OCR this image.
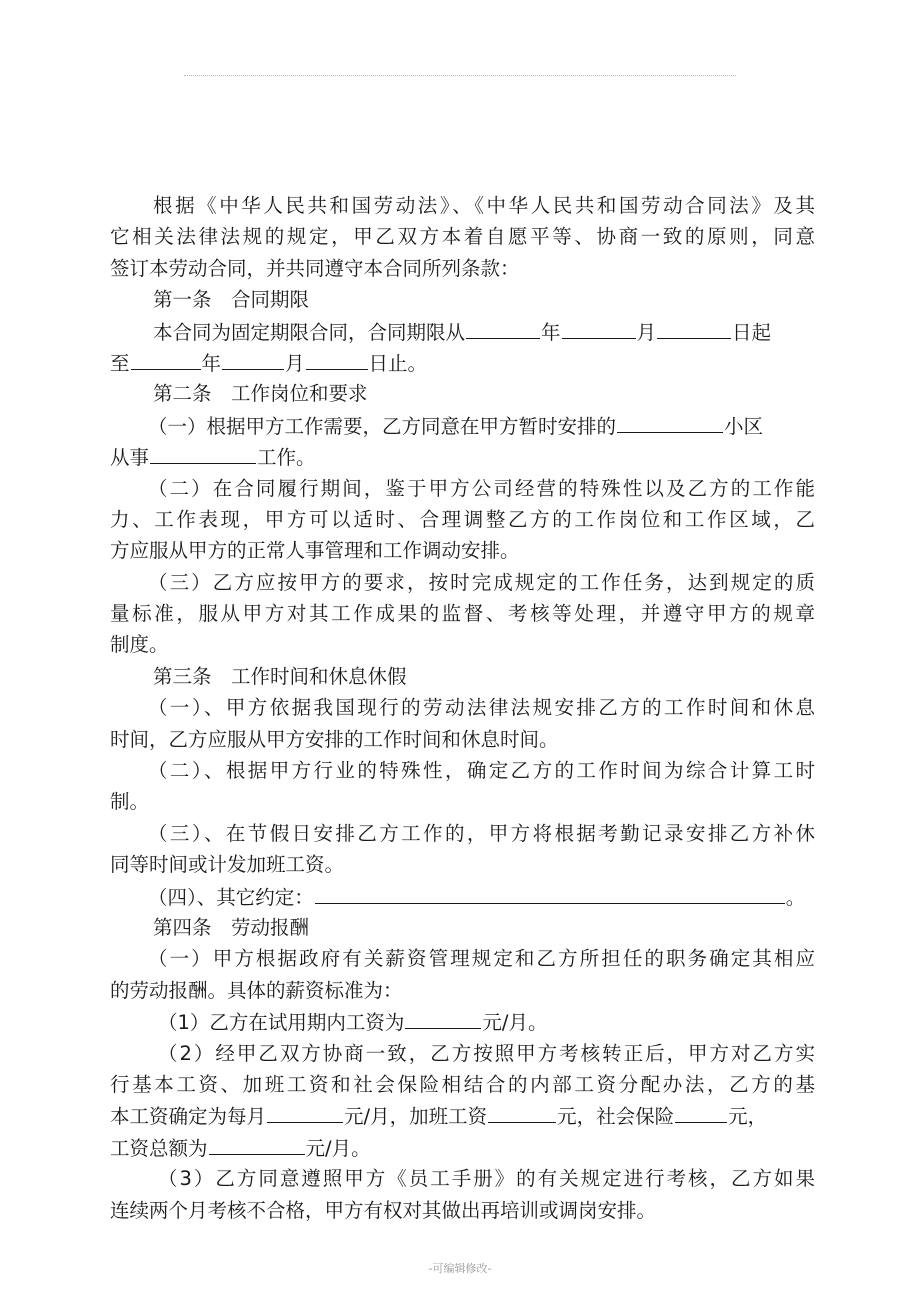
根据《中华人民共和国劳动法》、《中华人民共和国劳动合同法》及其
它相关法律法规的规定，甲乙双方本着自愿平等、协商一致的原则，同意
签订本劳动合同，并共同遵守本合同所列条款：
第一条　合同期限
本合同为固定期限合同，合同期限从	年	月	日起
至	年	月	日止。
第二条　工作岗位和要求
（一）根据甲方工作需要，乙方同意在甲方暂时安排的	小区
从事	工作。
（二）在合同履行期间，鉴于甲方公司经营的特殊性以及乙方的工作能
力、工作表现，甲方可以适时、合理调整乙方的工作岗位和工作区域，乙
方应服从甲方的正常人事管理和工作调动安排。
（三）乙方应按甲方的要求，按时完成规定的工作任务，达到规定的质
量标准，服从甲方对其工作成果的监督、考核等处理，并遵守甲方的规章
制度。
第三条　工作时间和休息休假
（一）、甲方依据我国现行的劳动法律法规安排乙方的工作时间和休息
时间，乙方应服从甲方安排的工作时间和休息时间。
（二）、根据甲方行业的特殊性，确定乙方的工作时间为综合计算工时
制。
（三）、在节假日安排乙方工作的，甲方将根据考勤记录安排乙方补休
同等时间或计发加班工资。
（四）、其它约定：	。
第四条　劳动报酬
（一）甲方根据政府有关薪资管理规定和乙方所担任的职务确定其相应
的劳动报酬。具体的薪资标准为：
（1）乙方在试用期内工资为	元/月。
（2）经甲乙双方协商一致，乙方按照甲方考核转正后，甲方对乙方实
行基本工资、加班工资和社会保险相结合的内部工资分配办法，乙方的基
本工资确定为每月	元/月，加班工资	元，社会保险	元，
工资总额为	元/月。
（3）乙方同意遵照甲方《员工手册》的有关规定进行考核，乙方如果
连续两个月考核不合格，甲方有权对其做出再培训或调岗安排。
-可编辑修改-
